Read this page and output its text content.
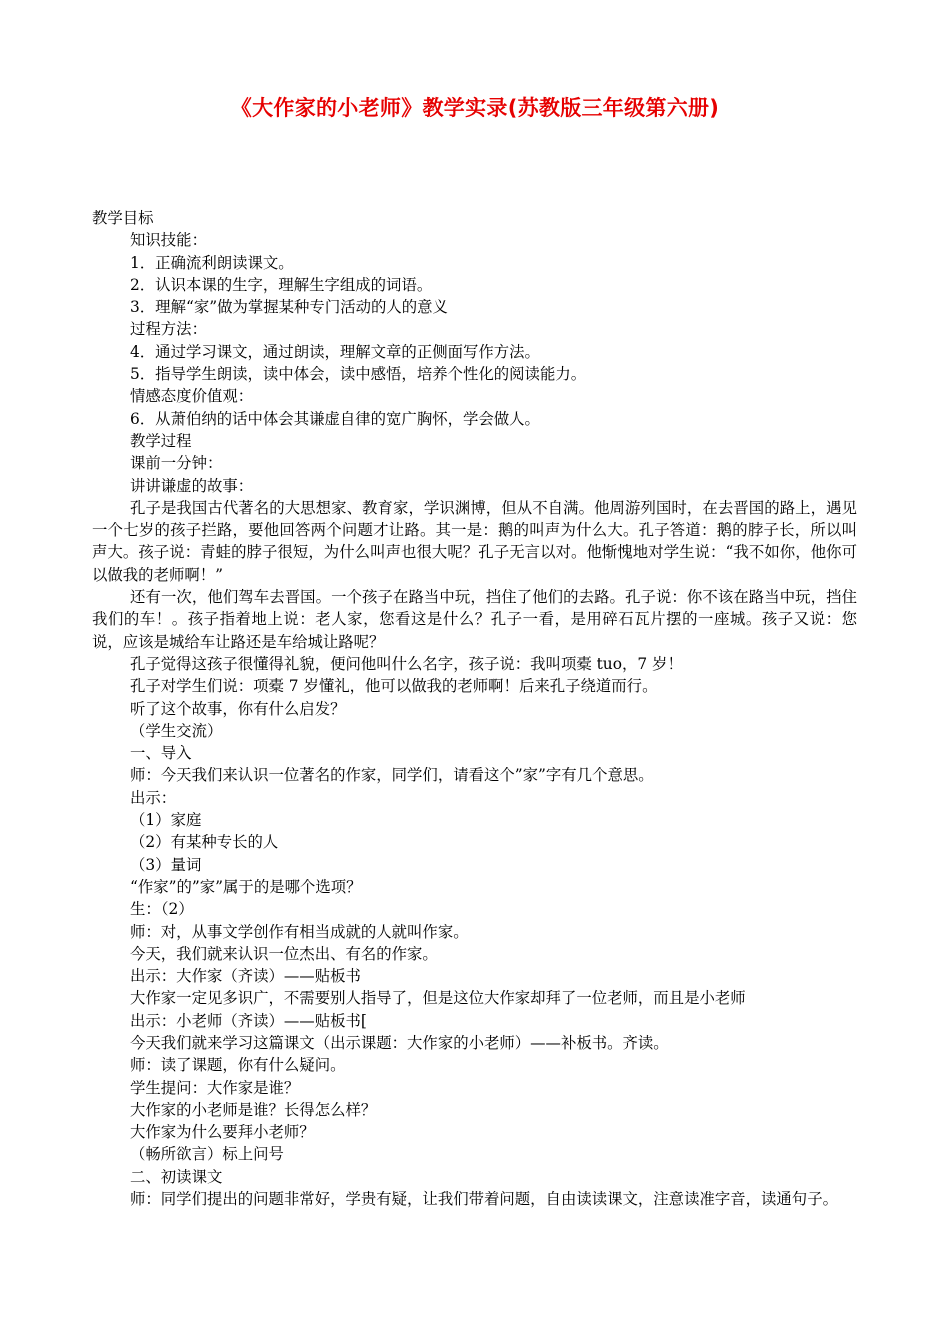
《大作家的小老师》教学实录(苏教版三年级第六册)

教学目标

知识技能：

1．正确流利朗读课文。

2．认识本课的生字，理解生字组成的词语。

3．理解“家”做为掌握某种专门活动的人的意义

过程方法：

4．通过学习课文，通过朗读，理解文章的正侧面写作方法。

5．指导学生朗读，读中体会，读中感悟，培养个性化的阅读能力。

情感态度价值观：

6．从萧伯纳的话中体会其谦虚自律的宽广胸怀，学会做人。

教学过程

课前一分钟：

讲讲谦虚的故事：

孔子是我国古代著名的大思想家、教育家，学识渊博，但从不自满。他周游列国时，在去晋国的路上，遇见一个七岁的孩子拦路，要他回答两个问题才让路。其一是：鹅的叫声为什么大。孔子答道：鹅的脖子长，所以叫声大。孩子说：青蛙的脖子很短，为什么叫声也很大呢？孔子无言以对。他惭愧地对学生说：“我不如你，他你可以做我的老师啊！”

还有一次，他们驾车去晋国。一个孩子在路当中玩，挡住了他们的去路。孔子说：你不该在路当中玩，挡住我们的车！。孩子指着地上说：老人家，您看这是什么？孔子一看，是用碎石瓦片摆的一座城。孩子又说：您说，应该是城给车让路还是车给城让路呢？

孔子觉得这孩子很懂得礼貌，便问他叫什么名字，孩子说：我叫项橐 tuo，7 岁！

孔子对学生们说：项橐 7 岁懂礼，他可以做我的老师啊！后来孔子绕道而行。

听了这个故事，你有什么启发？

（学生交流）

一、导入

师：今天我们来认识一位著名的作家，同学们，请看这个”家”字有几个意思。

出示：

（1）家庭

（2）有某种专长的人

（3）量词

“作家”的”家”属于的是哪个选项？

生：（2）

师：对，从事文学创作有相当成就的人就叫作家。

今天，我们就来认识一位杰出、有名的作家。

出示：大作家（齐读）——贴板书

大作家一定见多识广，不需要别人指导了，但是这位大作家却拜了一位老师，而且是小老师

出示：小老师（齐读）——贴板书[

今天我们就来学习这篇课文（出示课题：大作家的小老师）——补板书。齐读。

师：读了课题，你有什么疑问。

学生提问：大作家是谁？

大作家的小老师是谁？长得怎么样？

大作家为什么要拜小老师？

（畅所欲言）标上问号

二、初读课文

师：同学们提出的问题非常好，学贵有疑，让我们带着问题，自由读读课文，注意读准字音，读通句子。
